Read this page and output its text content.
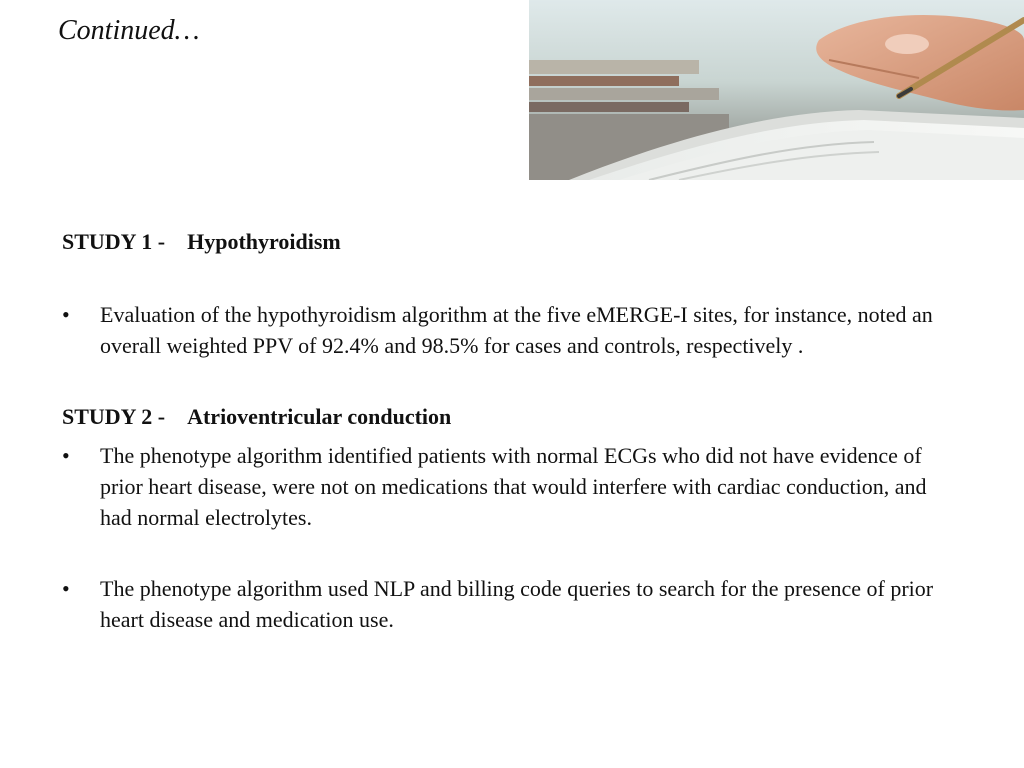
Continued…

STUDY 1 - Hypothyroidism

• Evaluation of the hypothyroidism algorithm at the five eMERGE-I sites, for instance, noted an overall weighted PPV of 92.4% and 98.5% for cases and controls, respectively .

STUDY 2 - Atrioventricular conduction

• The phenotype algorithm identified patients with normal ECGs who did not have evidence of prior heart disease, were not on medications that would interfere with cardiac conduction, and had normal electrolytes.
• The phenotype algorithm used NLP and billing code queries to search for the presence of prior heart disease and medication use.
